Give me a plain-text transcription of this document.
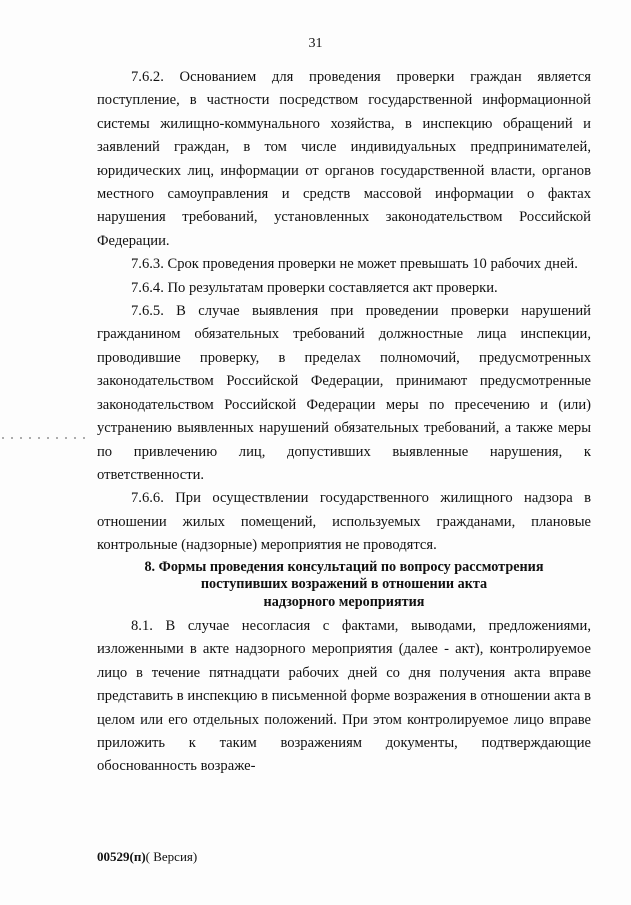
31

7.6.2. Основанием для проведения проверки граждан является поступление, в частности посредством государственной информационной системы жилищно-коммунального хозяйства, в инспекцию обращений и заявлений граждан, в том числе индивидуальных предпринимателей, юридических лиц, информации от органов государственной власти, органов местного самоуправления и средств массовой информации о фактах нарушения требований, установленных законодательством Российской Федерации.

7.6.3. Срок проведения проверки не может превышать 10 рабочих дней.

7.6.4. По результатам проверки составляется акт проверки.

7.6.5. В случае выявления при проведении проверки нарушений гражданином обязательных требований должностные лица инспекции, проводившие проверку, в пределах полномочий, предусмотренных законодательством Российской Федерации, принимают предусмотренные законодательством Российской Федерации меры по пресечению и (или) устранению выявленных нарушений обязательных требований, а также меры по привлечению лиц, допустивших выявленные нарушения, к ответственности.

7.6.6. При осуществлении государственного жилищного надзора в отношении жилых помещений, используемых гражданами, плановые контрольные (надзорные) мероприятия не проводятся.

8. Формы проведения консультаций по вопросу рассмотрения
поступивших возражений в отношении акта
надзорного мероприятия

8.1. В случае несогласия с фактами, выводами, предложениями, изложенными в акте надзорного мероприятия (далее - акт), контролируемое лицо в течение пятнадцати рабочих дней со дня получения акта вправе представить в инспекцию в письменной форме возражения в отношении акта в целом или его отдельных положений. При этом контролируемое лицо вправе приложить к таким возражениям документы, подтверждающие обоснованность возраже-

00529(п)( Версия)
